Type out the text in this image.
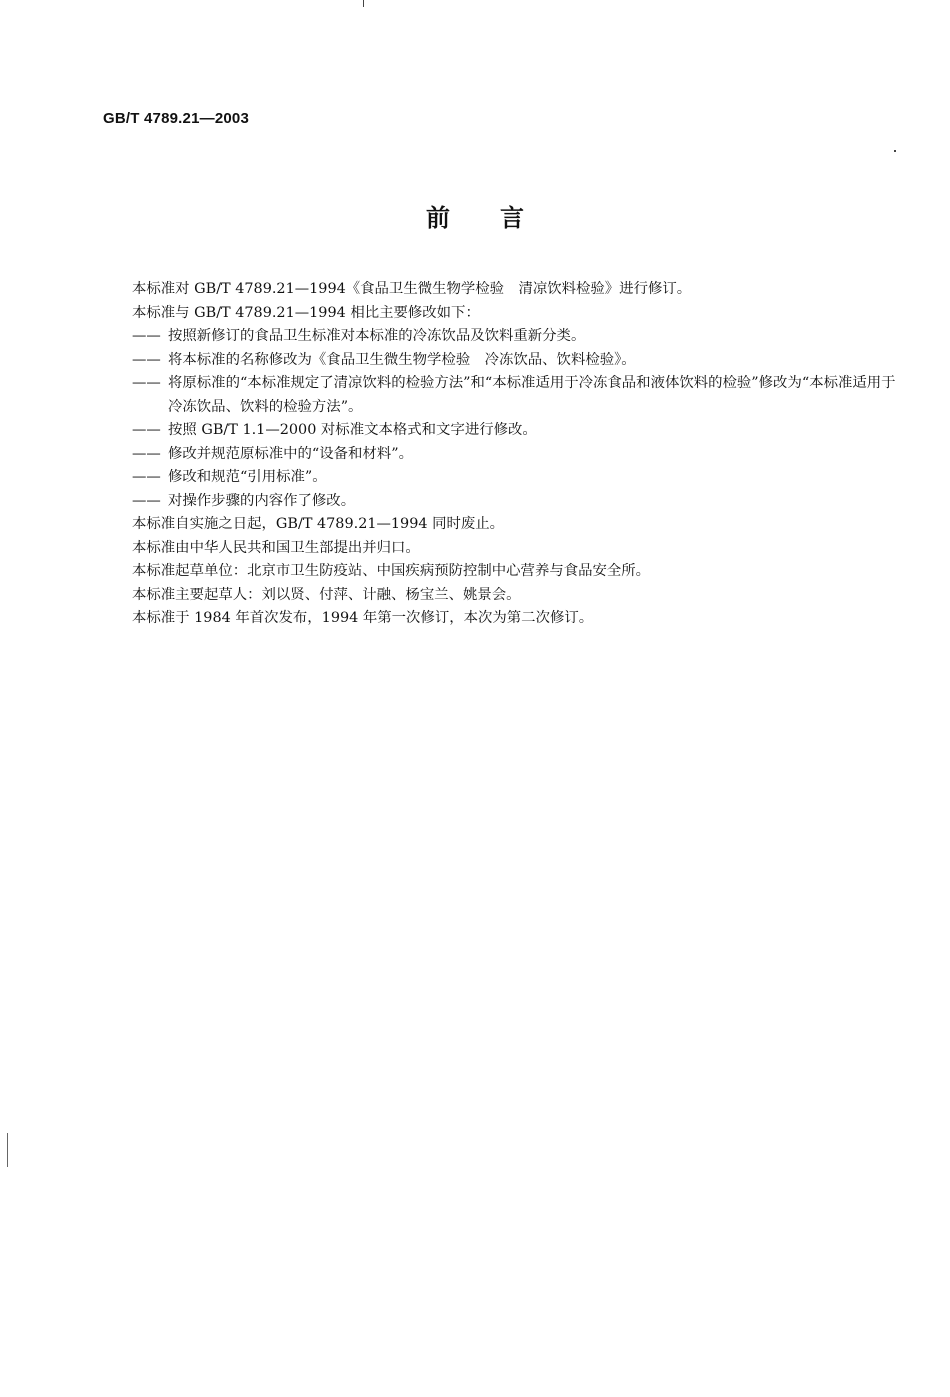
GB/T 4789.21—2003
前 言

本标准对 GB/T 4789.21—1994《食品卫生微生物学检验　清凉饮料检验》进行修订。

本标准与 GB/T 4789.21—1994 相比主要修改如下：

—— 按照新修订的食品卫生标准对本标准的冷冻饮品及饮料重新分类。

—— 将本标准的名称修改为《食品卫生微生物学检验　冷冻饮品、饮料检验》。

—— 将原标准的“本标准规定了清凉饮料的检验方法”和“本标准适用于冷冻食品和液体饮料的检验”修改为“本标准适用于冷冻饮品、饮料的检验方法”。

—— 按照 GB/T 1.1—2000 对标准文本格式和文字进行修改。

—— 修改并规范原标准中的“设备和材料”。

—— 修改和规范“引用标准”。

—— 对操作步骤的内容作了修改。

本标准自实施之日起，GB/T 4789.21—1994 同时废止。

本标准由中华人民共和国卫生部提出并归口。

本标准起草单位：北京市卫生防疫站、中国疾病预防控制中心营养与食品安全所。

本标准主要起草人：刘以贤、付萍、计融、杨宝兰、姚景会。

本标准于 1984 年首次发布，1994 年第一次修订，本次为第二次修订。
